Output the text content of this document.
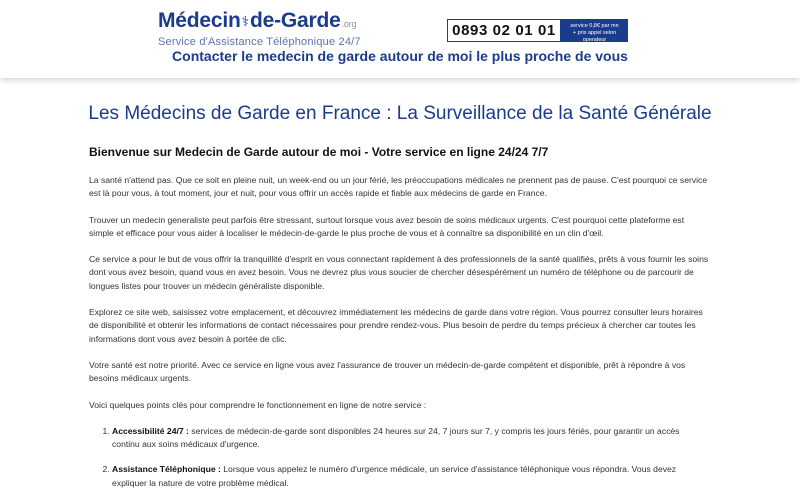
Médecin⚕de-Garde.org
Service d'Assistance Téléphonique 24/7
0893 02 01 01	service 0,8€ par mn
+ prix appel selon operateur
Contacter le medecin de garde autour de moi le plus proche de vous
Les Médecins de Garde en France : La Surveillance de la Santé Générale
Bienvenue sur Medecin de Garde autour de moi - Votre service en ligne 24/24 7/7

La santé n'attend pas. Que ce soit en pleine nuit, un week-end ou un jour férié, les préoccupations médicales ne prennent pas de pause. C'est pourquoi ce service est là pour vous, à tout moment, jour et nuit, pour vous offrir un accès rapide et fiable aux médecins de garde en France.

Trouver un medecin generaliste peut parfois être stressant, surtout lorsque vous avez besoin de soins médicaux urgents. C'est pourquoi cette plateforme est simple et efficace pour vous aider à localiser le médecin-de-garde le plus proche de vous et à connaître sa disponibilité en un clin d'œil.

Ce service a pour le but de vous offrir la tranquillité d'esprit en vous connectant rapidement à des professionnels de la santé qualifiés, prêts à vous fournir les soins dont vous avez besoin, quand vous en avez besoin. Vous ne devrez plus vous soucier de chercher désespérément un numéro de téléphone ou de parcourir de longues listes pour trouver un médecin généraliste disponible.

Explorez ce site web, saisissez votre emplacement, et découvrez immédiatement les médecins de garde dans votre région. Vous pourrez consulter leurs horaires de disponibilité et obtenir les informations de contact nécessaires pour prendre rendez-vous. Plus besoin de perdre du temps précieux à chercher car toutes les informations dont vous avez besoin à portée de clic.

Votre santé est notre priorité. Avec ce service en ligne vous avez l'assurance de trouver un médecin-de-garde compétent et disponible, prêt à répondre à vos besoins médicaux urgents.

Voici quelques points clés pour comprendre le fonctionnement en ligne de notre service :

1. Accessibilité 24/7 : services de médecin-de-garde sont disponibles 24 heures sur 24, 7 jours sur 7, y compris les jours fériés, pour garantir un accès continu aux soins médicaux d'urgence.
2. Assistance Téléphonique : Lorsque vous appelez le numéro d'urgence médicale, un service d'assistance téléphonique vous répondra. Vous devez expliquer la nature de votre problème médical.
